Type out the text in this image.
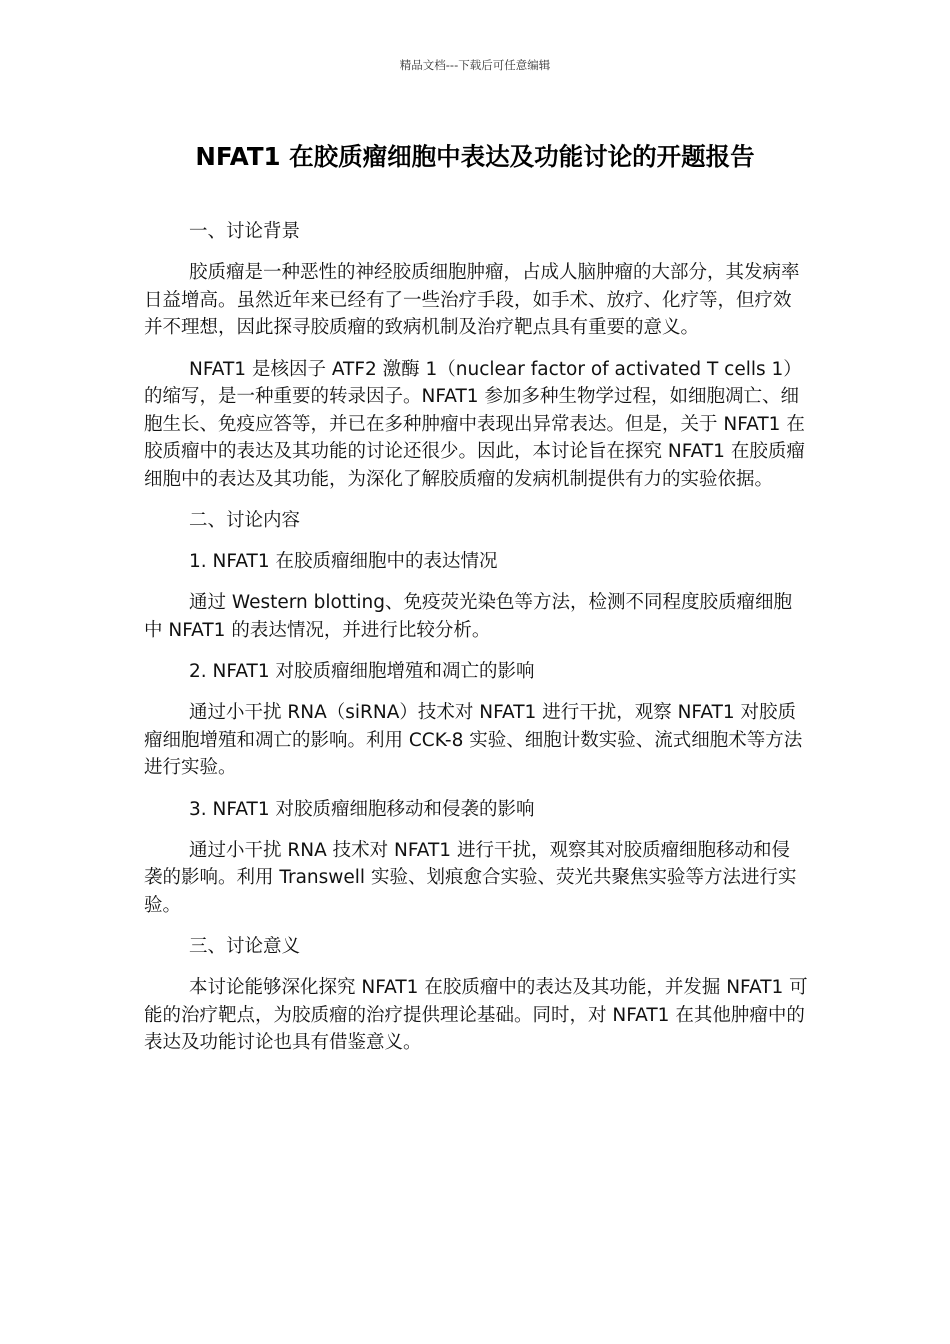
精品文档---下载后可任意编辑
NFAT1 在胶质瘤细胞中表达及功能讨论的开题报告
一、讨论背景

胶质瘤是一种恶性的神经胶质细胞肿瘤，占成人脑肿瘤的大部分，其发病率日益增高。虽然近年来已经有了一些治疗手段，如手术、放疗、化疗等，但疗效并不理想，因此探寻胶质瘤的致病机制及治疗靶点具有重要的意义。

NFAT1 是核因子 ATF2 激酶 1（nuclear factor of activated T cells 1）的缩写，是一种重要的转录因子。NFAT1 参加多种生物学过程，如细胞凋亡、细胞生长、免疫应答等，并已在多种肿瘤中表现出异常表达。但是，关于 NFAT1 在胶质瘤中的表达及其功能的讨论还很少。因此，本讨论旨在探究 NFAT1 在胶质瘤细胞中的表达及其功能，为深化了解胶质瘤的发病机制提供有力的实验依据。

二、讨论内容
1. NFAT1 在胶质瘤细胞中的表达情况

通过 Western blotting、免疫荧光染色等方法，检测不同程度胶质瘤细胞中 NFAT1 的表达情况，并进行比较分析。

2. NFAT1 对胶质瘤细胞增殖和凋亡的影响

通过小干扰 RNA（siRNA）技术对 NFAT1 进行干扰，观察 NFAT1 对胶质瘤细胞增殖和凋亡的影响。利用 CCK-8 实验、细胞计数实验、流式细胞术等方法进行实验。

3. NFAT1 对胶质瘤细胞移动和侵袭的影响

通过小干扰 RNA 技术对 NFAT1 进行干扰，观察其对胶质瘤细胞移动和侵袭的影响。利用 Transwell 实验、划痕愈合实验、荧光共聚焦实验等方法进行实验。

三、讨论意义

本讨论能够深化探究 NFAT1 在胶质瘤中的表达及其功能，并发掘 NFAT1 可能的治疗靶点，为胶质瘤的治疗提供理论基础。同时，对 NFAT1 在其他肿瘤中的表达及功能讨论也具有借鉴意义。
